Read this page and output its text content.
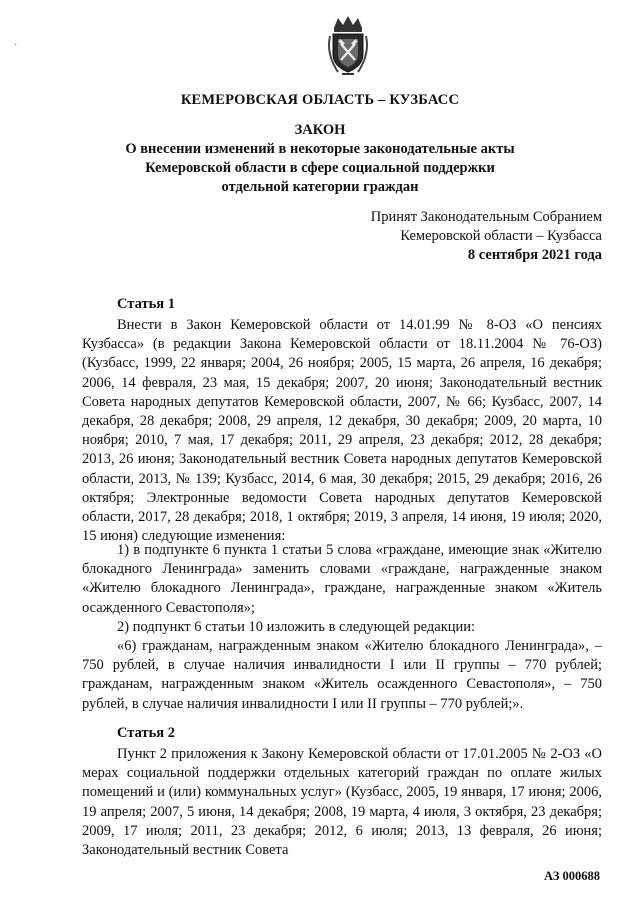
·
КЕМЕРОВСКАЯ ОБЛАСТЬ – КУЗБАСС
ЗАКОН
О внесении изменений в некоторые законодательные акты
Кемеровской области в сфере социальной поддержки
отдельной категории граждан
Принят Законодательным Собранием
Кемеровской области – Кузбасса
8 сентября 2021 года
Статья 1
Внести в Закон Кемеровской области от 14.01.99 № 8-ОЗ «О пенсиях Кузбасса» (в редакции Закона Кемеровской области от 18.11.2004 № 76-ОЗ) (Кузбасс, 1999, 22 января; 2004, 26 ноября; 2005, 15 марта, 26 апреля, 16 декабря; 2006, 14 февраля, 23 мая, 15 декабря; 2007, 20 июня; Законодательный вестник Совета народных депутатов Кемеровской области, 2007, № 66; Кузбасс, 2007, 14 декабря, 28 декабря; 2008, 29 апреля, 12 декабря, 30 декабря; 2009, 20 марта, 10 ноября; 2010, 7 мая, 17 декабря; 2011, 29 апреля, 23 декабря; 2012, 28 декабря; 2013, 26 июня; Законодательный вестник Совета народных депутатов Кемеровской области, 2013, № 139; Кузбасс, 2014, 6 мая, 30 декабря; 2015, 29 декабря; 2016, 26 октября; Электронные ведомости Совета народных депутатов Кемеровской области, 2017, 28 декабря; 2018, 1 октября; 2019, 3 апреля, 14 июня, 19 июля; 2020, 15 июня) следующие изменения:
1) в подпункте 6 пункта 1 статьи 5 слова «граждане, имеющие знак «Жителю блокадного Ленинграда» заменить словами «граждане, награжденные знаком «Жителю блокадного Ленинграда», граждане, награжденные знаком «Житель осажденного Севастополя»;
2) подпункт 6 статьи 10 изложить в следующей редакции:
«6) гражданам, награжденным знаком «Жителю блокадного Ленинграда», – 750 рублей, в случае наличия инвалидности I или II группы – 770 рублей; гражданам, награжденным знаком «Житель осажденного Севастополя», – 750 рублей, в случае наличия инвалидности I или II группы – 770 рублей;».
Статья 2
Пункт 2 приложения к Закону Кемеровской области от 17.01.2005 № 2-ОЗ «О мерах социальной поддержки отдельных категорий граждан по оплате жилых помещений и (или) коммунальных услуг» (Кузбасс, 2005, 19 января, 17 июня; 2006, 19 апреля; 2007, 5 июня, 14 декабря; 2008, 19 марта, 4 июля, 3 октября, 23 декабря; 2009, 17 июля; 2011, 23 декабря; 2012, 6 июля; 2013, 13 февраля, 26 июня; Законодательный вестник Совета
АЗ 000688
